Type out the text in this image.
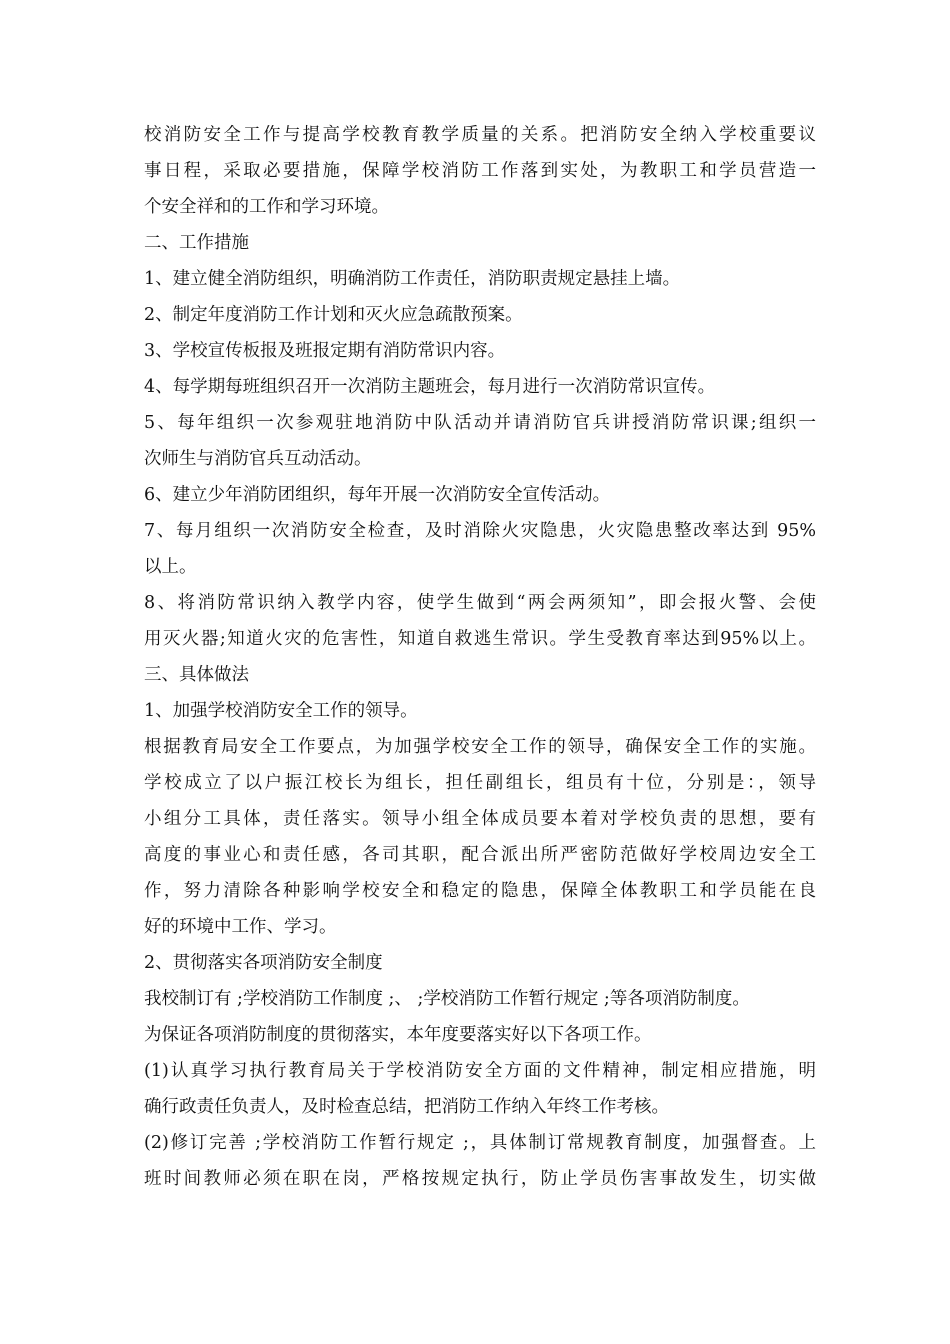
校消防安全工作与提高学校教育教学质量的关系。把消防安全纳入学校重要议
事日程，采取必要措施，保障学校消防工作落到实处，为教职工和学员营造一
个安全祥和的工作和学习环境。
二、工作措施
1、建立健全消防组织，明确消防工作责任，消防职责规定悬挂上墙。
2、制定年度消防工作计划和灭火应急疏散预案。
3、学校宣传板报及班报定期有消防常识内容。
4、每学期每班组织召开一次消防主题班会，每月进行一次消防常识宣传。
5、每年组织一次参观驻地消防中队活动并请消防官兵讲授消防常识课;组织一
次师生与消防官兵互动活动。
6、建立少年消防团组织，每年开展一次消防安全宣传活动。
7、每月组织一次消防安全检查，及时消除火灾隐患，火灾隐患整改率达到 95%
以上。
8、将消防常识纳入教学内容，使学生做到“两会两须知”，即会报火警、会使
用灭火器;知道火灾的危害性，知道自救逃生常识。学生受教育率达到95%以上。
三、具体做法
1、加强学校消防安全工作的领导。
根据教育局安全工作要点，为加强学校安全工作的领导，确保安全工作的实施。
学校成立了以户振江校长为组长，担任副组长，组员有十位，分别是：，领导
小组分工具体，责任落实。领导小组全体成员要本着对学校负责的思想，要有
高度的事业心和责任感，各司其职，配合派出所严密防范做好学校周边安全工
作，努力清除各种影响学校安全和稳定的隐患，保障全体教职工和学员能在良
好的环境中工作、学习。
2、贯彻落实各项消防安全制度
我校制订有 ;学校消防工作制度 ;、 ;学校消防工作暂行规定 ;等各项消防制度。
为保证各项消防制度的贯彻落实，本年度要落实好以下各项工作。
(1)认真学习执行教育局关于学校消防安全方面的文件精神，制定相应措施，明
确行政责任负责人，及时检查总结，把消防工作纳入年终工作考核。
(2)修订完善 ;学校消防工作暂行规定 ;，具体制订常规教育制度，加强督查。上
班时间教师必须在职在岗，严格按规定执行，防止学员伤害事故发生，切实做
